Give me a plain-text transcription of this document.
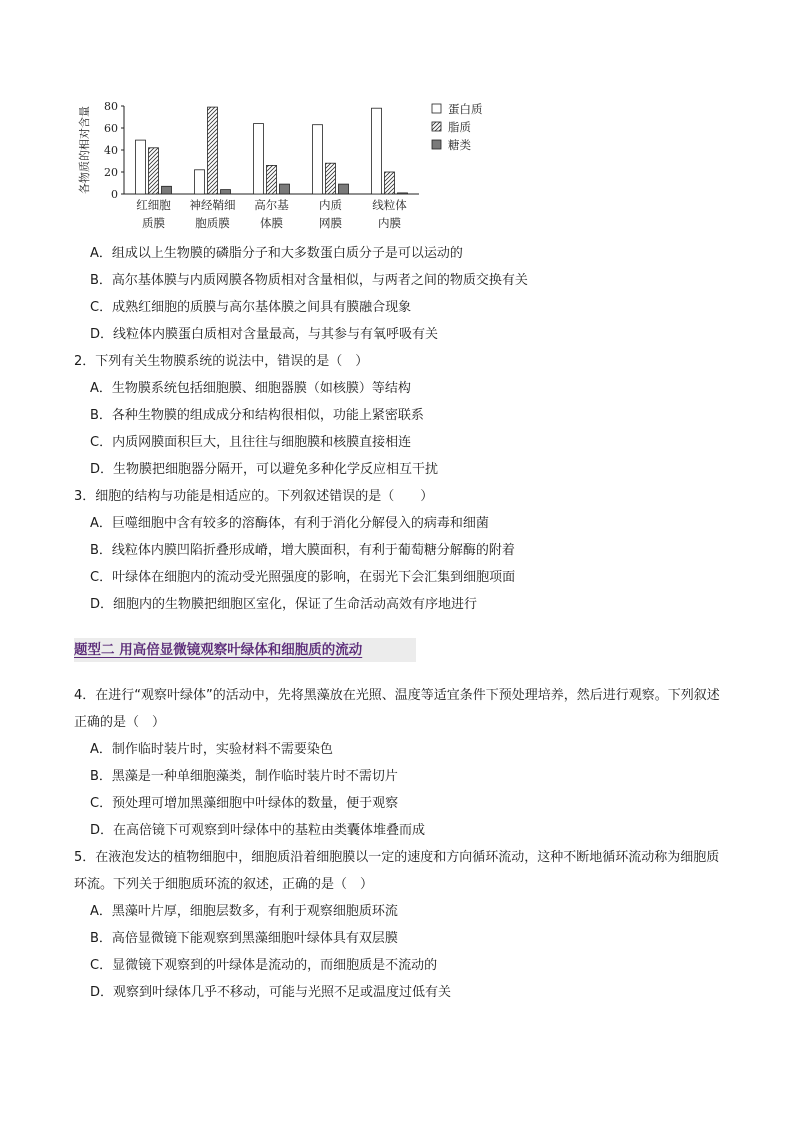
0
20
40
60
80
各物质的相对含量
红细胞
质膜
神经鞘细
胞质膜
高尔基
体膜
内质
网膜
线粒体
内膜
蛋白质
脂质
糖类
A．组成以上生物膜的磷脂分子和大多数蛋白质分子是可以运动的
B．高尔基体膜与内质网膜各物质相对含量相似，与两者之间的物质交换有关
C．成熟红细胞的质膜与高尔基体膜之间具有膜融合现象
D．线粒体内膜蛋白质相对含量最高，与其参与有氧呼吸有关
2．下列有关生物膜系统的说法中，错误的是（　）
A．生物膜系统包括细胞膜、细胞器膜（如核膜）等结构
B．各种生物膜的组成成分和结构很相似，功能上紧密联系
C．内质网膜面积巨大，且往往与细胞膜和核膜直接相连
D．生物膜把细胞器分隔开，可以避免多种化学反应相互干扰
3．细胞的结构与功能是相适应的。下列叙述错误的是（　　）
A．巨噬细胞中含有较多的溶酶体，有利于消化分解侵入的病毒和细菌
B．线粒体内膜凹陷折叠形成嵴，增大膜面积，有利于葡萄糖分解酶的附着
C．叶绿体在细胞内的流动受光照强度的影响，在弱光下会汇集到细胞项面
D．细胞内的生物膜把细胞区室化，保证了生命活动高效有序地进行
题型二 用高倍显微镜观察叶绿体和细胞质的流动
4．在进行“观察叶绿体”的活动中，先将黑藻放在光照、温度等适宜条件下预处理培养，然后进行观察。下列叙述正确的是（　）
A．制作临时装片时，实验材料不需要染色
B．黑藻是一种单细胞藻类，制作临时装片时不需切片
C．预处理可增加黑藻细胞中叶绿体的数量，便于观察
D．在高倍镜下可观察到叶绿体中的基粒由类囊体堆叠而成
5．在液泡发达的植物细胞中，细胞质沿着细胞膜以一定的速度和方向循环流动，这种不断地循环流动称为细胞质环流。下列关于细胞质环流的叙述，正确的是（　）
A．黑藻叶片厚，细胞层数多，有利于观察细胞质环流
B．高倍显微镜下能观察到黑藻细胞叶绿体具有双层膜
C．显微镜下观察到的叶绿体是流动的，而细胞质是不流动的
D．观察到叶绿体几乎不移动，可能与光照不足或温度过低有关
